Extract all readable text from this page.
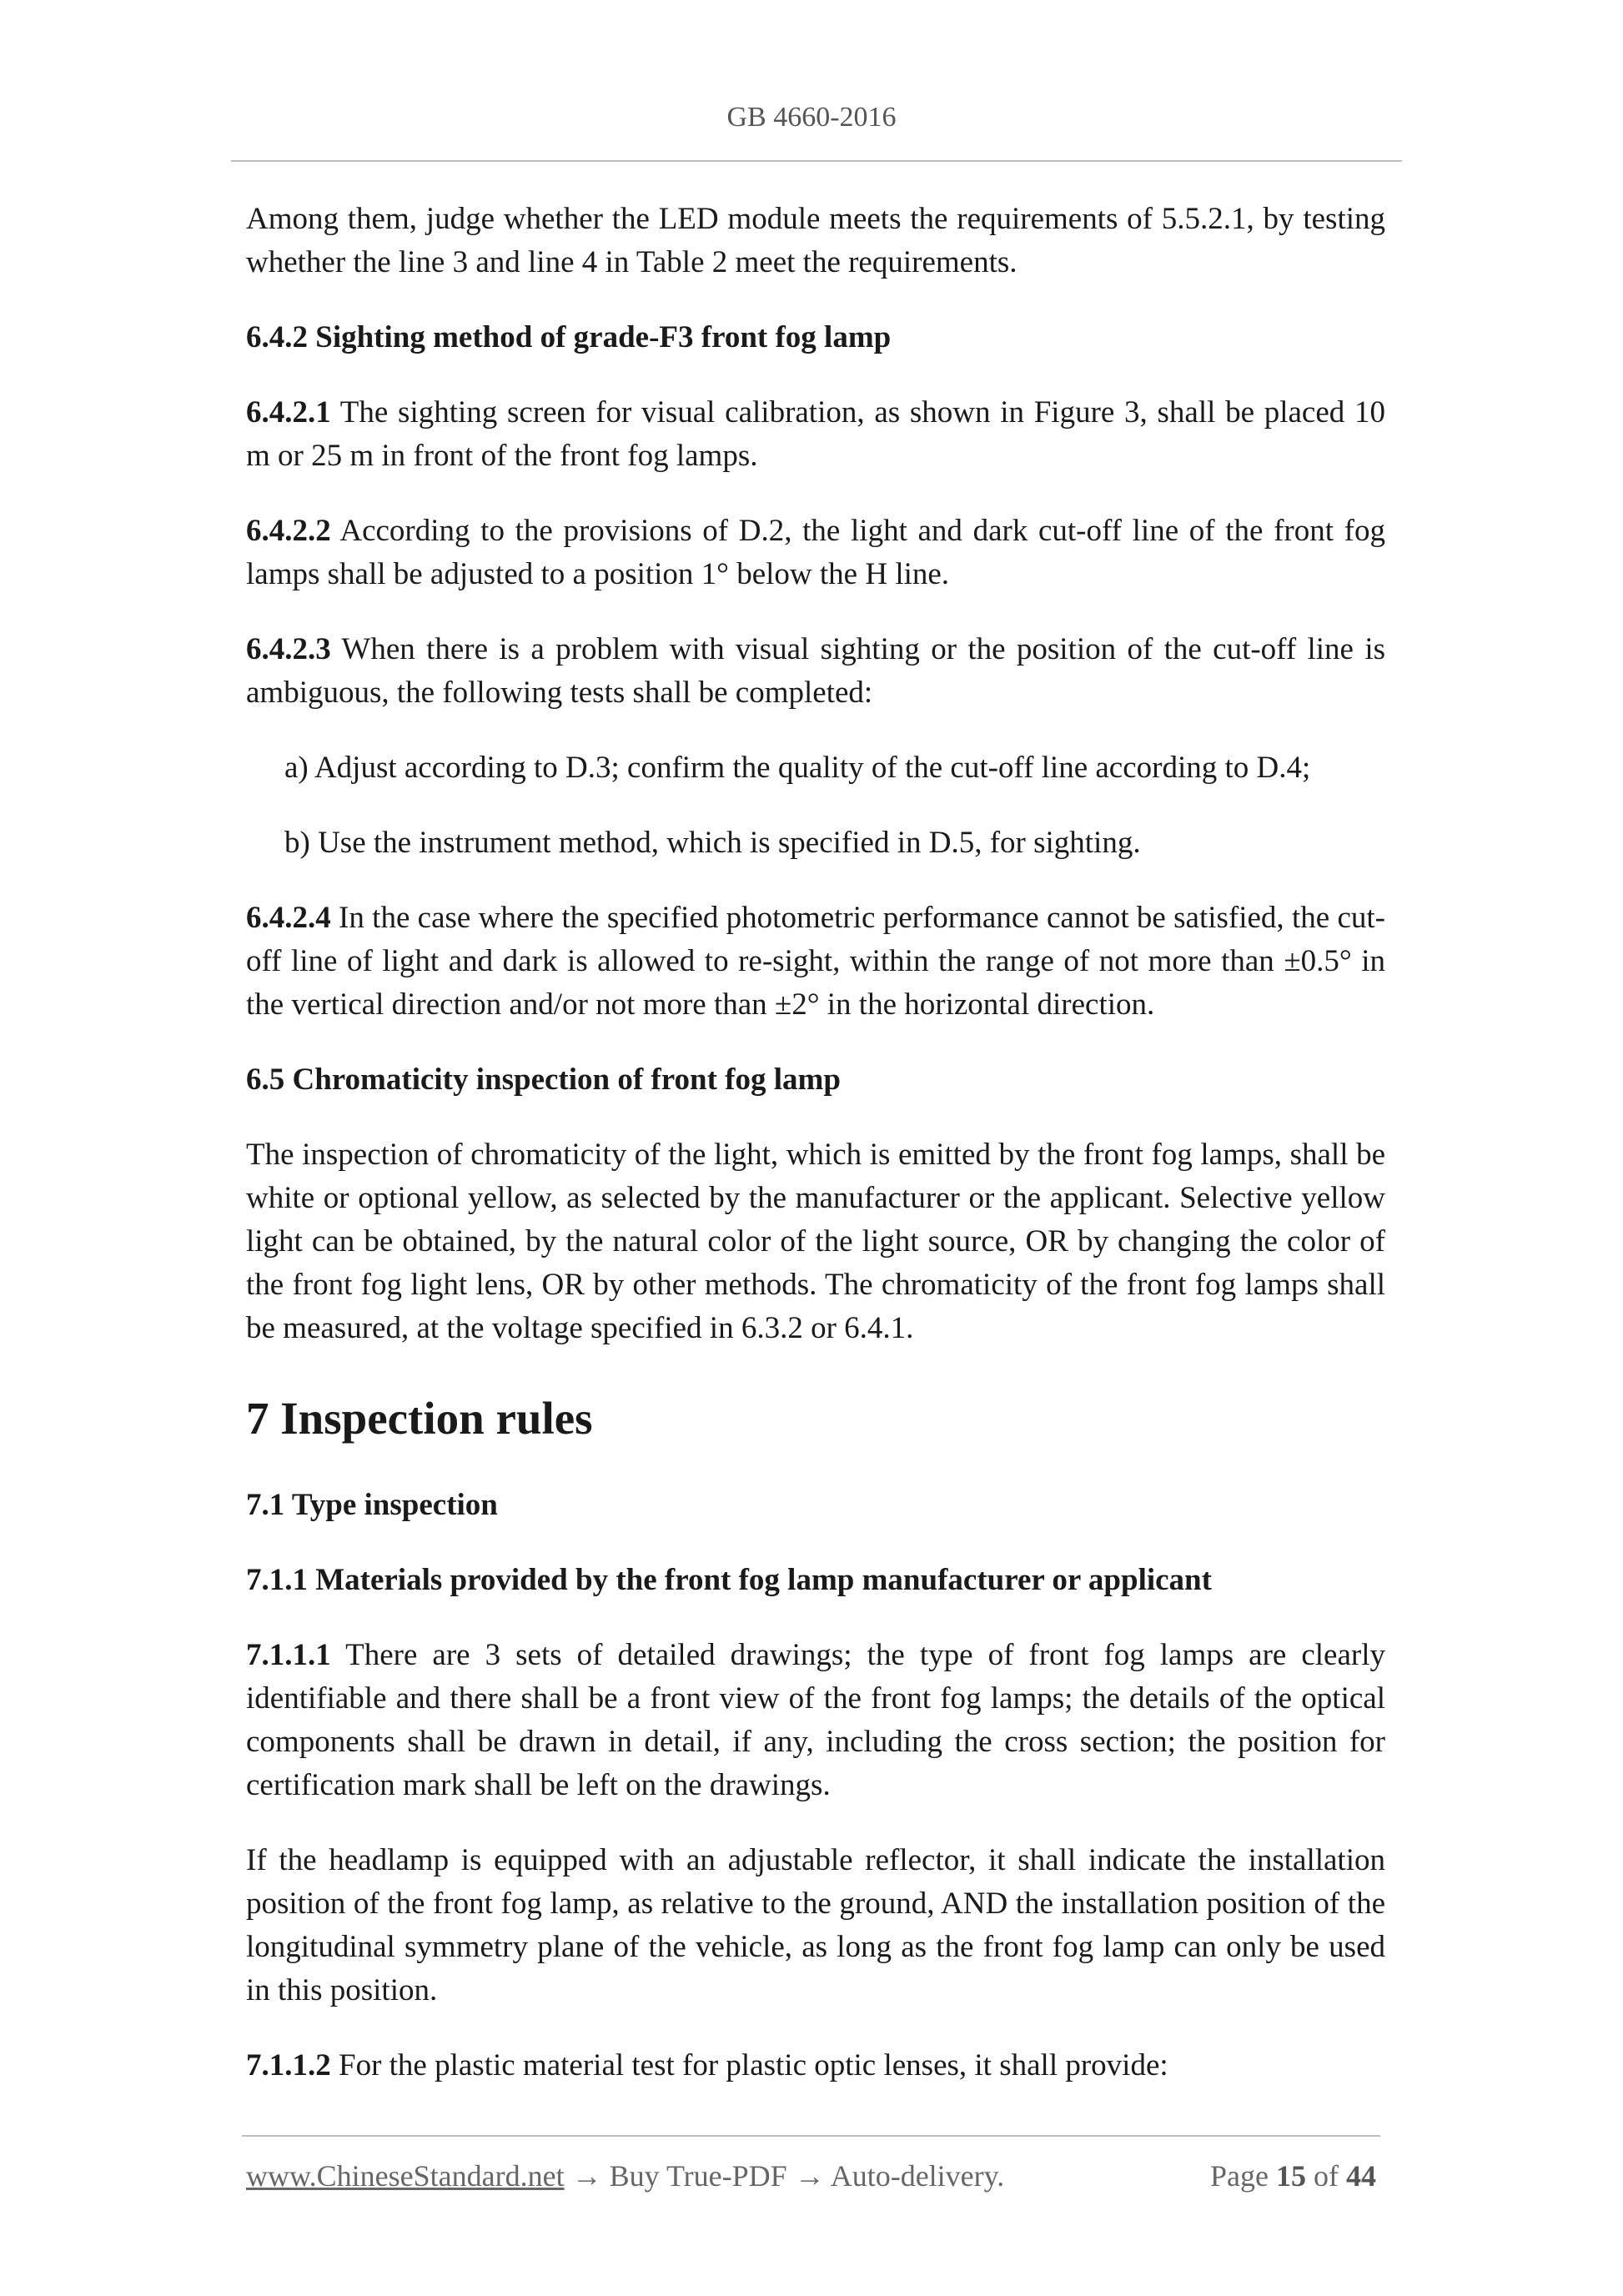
GB 4660-2016

Among them, judge whether the LED module meets the requirements of 5.5.2.1, by testing whether the line 3 and line 4 in Table 2 meet the requirements.

6.4.2 Sighting method of grade-F3 front fog lamp

6.4.2.1 The sighting screen for visual calibration, as shown in Figure 3, shall be placed 10 m or 25 m in front of the front fog lamps.

6.4.2.2 According to the provisions of D.2, the light and dark cut-off line of the front fog lamps shall be adjusted to a position 1° below the H line.

6.4.2.3 When there is a problem with visual sighting or the position of the cut-off line is ambiguous, the following tests shall be completed:

a) Adjust according to D.3; confirm the quality of the cut-off line according to D.4;

b) Use the instrument method, which is specified in D.5, for sighting.

6.4.2.4 In the case where the specified photometric performance cannot be satisfied, the cut-off line of light and dark is allowed to re-sight, within the range of not more than ±0.5° in the vertical direction and/or not more than ±2° in the horizontal direction.

6.5 Chromaticity inspection of front fog lamp

The inspection of chromaticity of the light, which is emitted by the front fog lamps, shall be white or optional yellow, as selected by the manufacturer or the applicant. Selective yellow light can be obtained, by the natural color of the light source, OR by changing the color of the front fog light lens, OR by other methods. The chromaticity of the front fog lamps shall be measured, at the voltage specified in 6.3.2 or 6.4.1.

7 Inspection rules
7.1 Type inspection
7.1.1 Materials provided by the front fog lamp manufacturer or applicant

7.1.1.1 There are 3 sets of detailed drawings; the type of front fog lamps are clearly identifiable and there shall be a front view of the front fog lamps; the details of the optical components shall be drawn in detail, if any, including the cross section; the position for certification mark shall be left on the drawings.

If the headlamp is equipped with an adjustable reflector, it shall indicate the installation position of the front fog lamp, as relative to the ground, AND the installation position of the longitudinal symmetry plane of the vehicle, as long as the front fog lamp can only be used in this position.

7.1.1.2 For the plastic material test for plastic optic lenses, it shall provide:

www.ChineseStandard.net → Buy True-PDF → Auto-delivery.	Page 15 of 44
